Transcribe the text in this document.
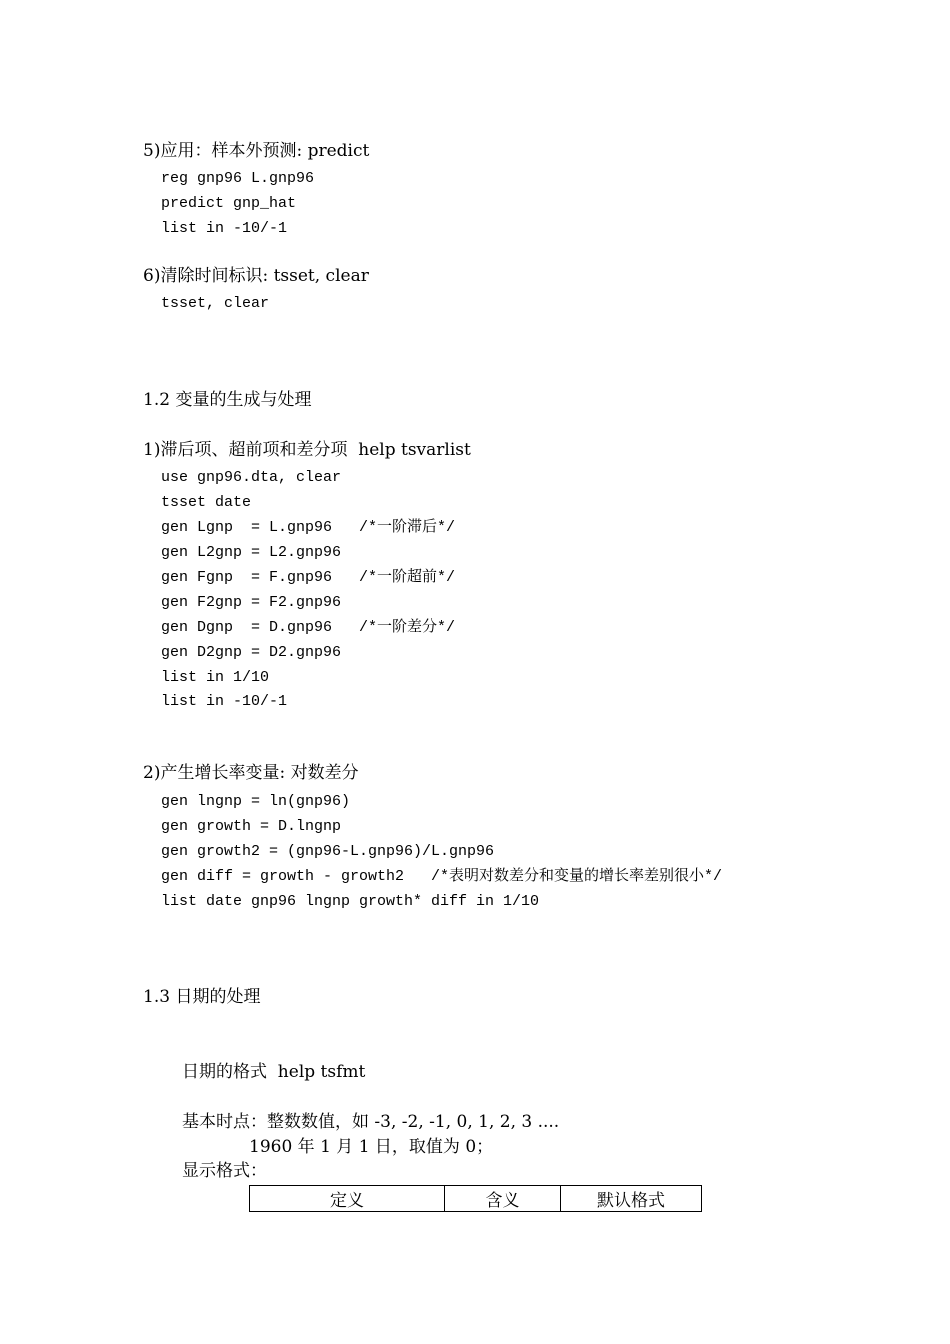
5)应用：样本外预测: predict
reg gnp96 L.gnp96
predict gnp_hat
list in -10/-1
6)清除时间标识: tsset, clear
tsset, clear
1.2 变量的生成与处理
1)滞后项、超前项和差分项  help tsvarlist
use gnp96.dta, clear
tsset date
gen Lgnp  = L.gnp96   /*一阶滞后*/
gen L2gnp = L2.gnp96
gen Fgnp  = F.gnp96   /*一阶超前*/
gen F2gnp = F2.gnp96
gen Dgnp  = D.gnp96   /*一阶差分*/
gen D2gnp = D2.gnp96
list in 1/10
list in -10/-1
2)产生增长率变量: 对数差分
gen lngnp = ln(gnp96)
gen growth = D.lngnp
gen growth2 = (gnp96-L.gnp96)/L.gnp96
gen diff = growth - growth2   /*表明对数差分和变量的增长率差别很小*/
list date gnp96 lngnp growth* diff in 1/10
1.3 日期的处理
日期的格式  help tsfmt
基本时点：整数数值，如 -3, -2, -1, 0, 1, 2, 3 ....
1960 年 1 月 1 日，取值为 0；
显示格式：
定义	含义	默认格式
